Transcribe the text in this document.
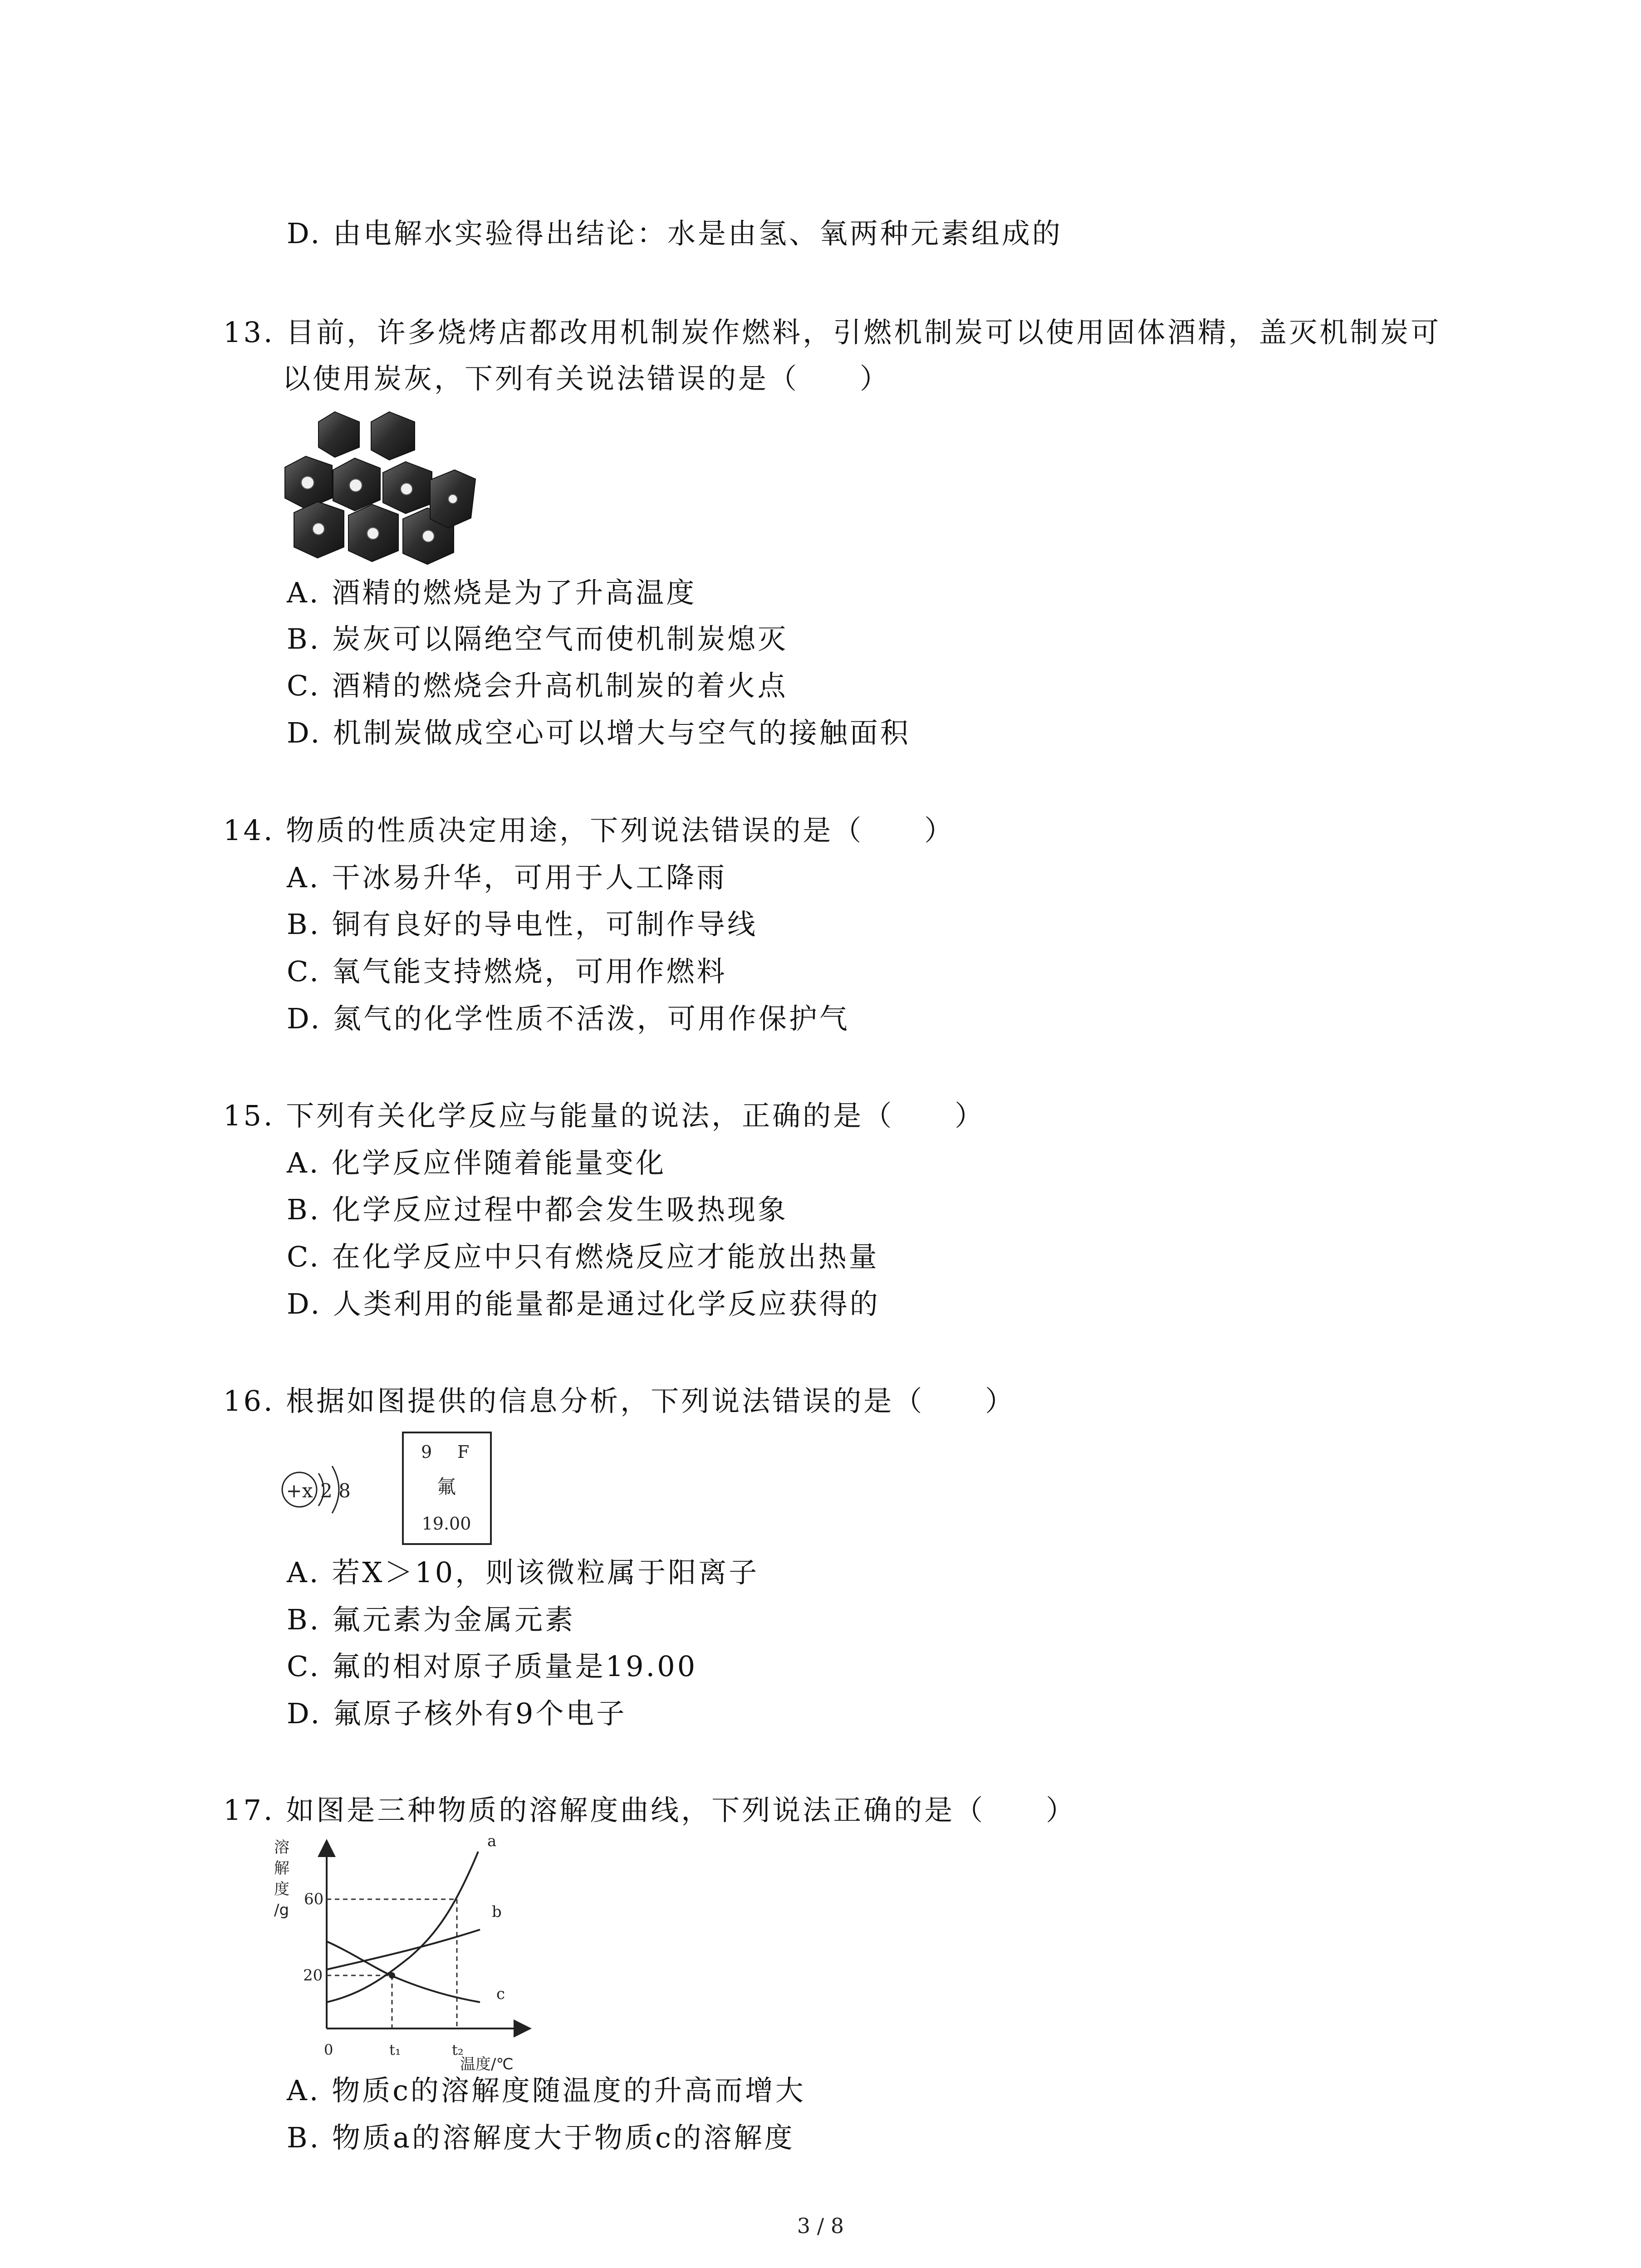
D. 由电解水实验得出结论：水是由氢、氧两种元素组成的
13. 目前，许多烧烤店都改用机制炭作燃料，引燃机制炭可以使用固体酒精，盖灭机制炭可
以使用炭灰，下列有关说法错误的是（　　）
A. 酒精的燃烧是为了升高温度
B. 炭灰可以隔绝空气而使机制炭熄灭
C. 酒精的燃烧会升高机制炭的着火点
D. 机制炭做成空心可以增大与空气的接触面积
14. 物质的性质决定用途，下列说法错误的是（　　）
A. 干冰易升华，可用于人工降雨
B. 铜有良好的导电性，可制作导线
C. 氧气能支持燃烧，可用作燃料
D. 氮气的化学性质不活泼，可用作保护气
15. 下列有关化学反应与能量的说法，正确的是（　　）
A. 化学反应伴随着能量变化
B. 化学反应过程中都会发生吸热现象
C. 在化学反应中只有燃烧反应才能放出热量
D. 人类利用的能量都是通过化学反应获得的
16. 根据如图提供的信息分析，下列说法错误的是（　　）
+x 2 8
9 F
氟
19.00
A. 若X＞10，则该微粒属于阳离子
B. 氟元素为金属元素
C. 氟的相对原子质量是19.00
D. 氟原子核外有9个电子
17. 如图是三种物质的溶解度曲线，下列说法正确的是（　　）
溶
解
度
/g
60
20
0	t₁	t₂
温度/℃
a
b
c
A. 物质c的溶解度随温度的升高而增大
B. 物质a的溶解度大于物质c的溶解度
3 / 8
